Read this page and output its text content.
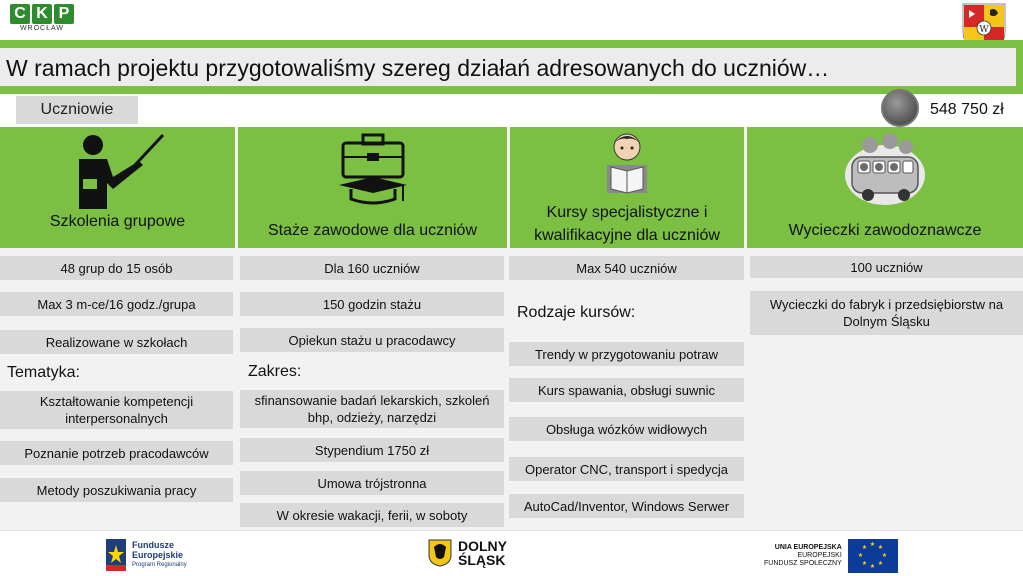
C K P
WROCŁAW	W
W ramach projektu przygotowaliśmy szereg działań adresowanych do uczniów…
Uczniowie	548 750 zł
Szkolenia grupowe
Staże zawodowe dla uczniów
Kursy specjalistyczne i
kwalifikacyjne dla uczniów	Wycieczki zawodoznawcze
48 grup do 15 osób
Max 3 m-ce/16 godz./grupa
Realizowane w szkołach
Tematyka:
Kształtowanie kompetencji interpersonalnych
Poznanie potrzeb pracodawców
Metody poszukiwania pracy
Dla 160 uczniów
150 godzin stażu
Opiekun stażu u pracodawcy
Zakres:
sfinansowanie badań lekarskich, szkoleń bhp, odzieży, narzędzi
Stypendium 1750 zł
Umowa trójstronna
W okresie wakacji, ferii, w soboty
Max 540 uczniów
Rodzaje kursów:
Trendy w przygotowaniu potraw
Kurs spawania, obsługi suwnic
Obsługa wózków widłowych
Operator CNC, transport i spedycja
AutoCad/Inventor, Windows Serwer
100 uczniów
Wycieczki do fabryk i przedsiębiorstw na Dolnym Śląsku
Fundusze
Europejskie
Program Regionalny
DOLNY
ŚLĄSK
UNIA EUROPEJSKA
EUROPEJSKI
FUNDUSZ SPOŁECZNY
★ ★
★
★
★
★
★
★
